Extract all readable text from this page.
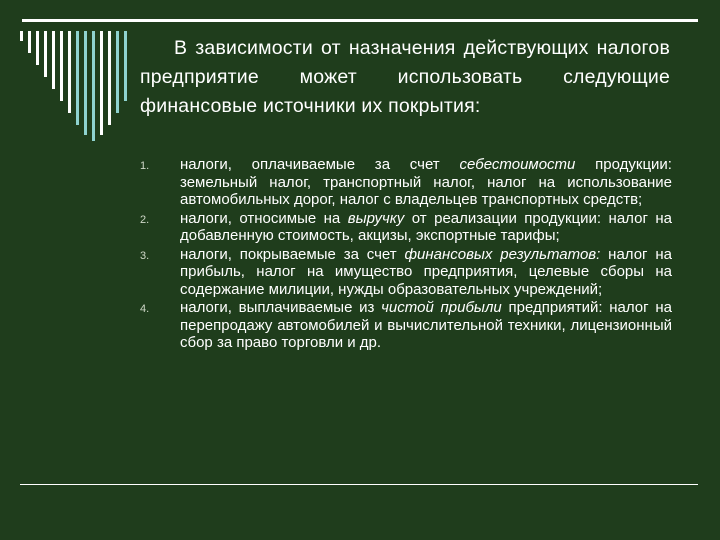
В зависимости от назначения действующих налогов предприятие может использовать следующие финансовые источники их покрытия:
1. налоги, оплачиваемые за счет себестоимости продукции: земельный налог, транспортный налог, налог на использование автомобильных дорог, налог с владельцев транспортных средств;
2. налоги, относимые на выручку от реализации продукции: налог на добавленную стоимость, акцизы, экспортные тарифы;
3. налоги, покрываемые за счет финансовых результатов: налог на прибыль, налог на имущество предприятия, целевые сборы на содержание милиции, нужды образовательных учреждений;
4. налоги, выплачиваемые из чистой прибыли предприятий: налог на перепродажу автомобилей и вычислительной техники, лицензионный сбор за право торговли и др.
